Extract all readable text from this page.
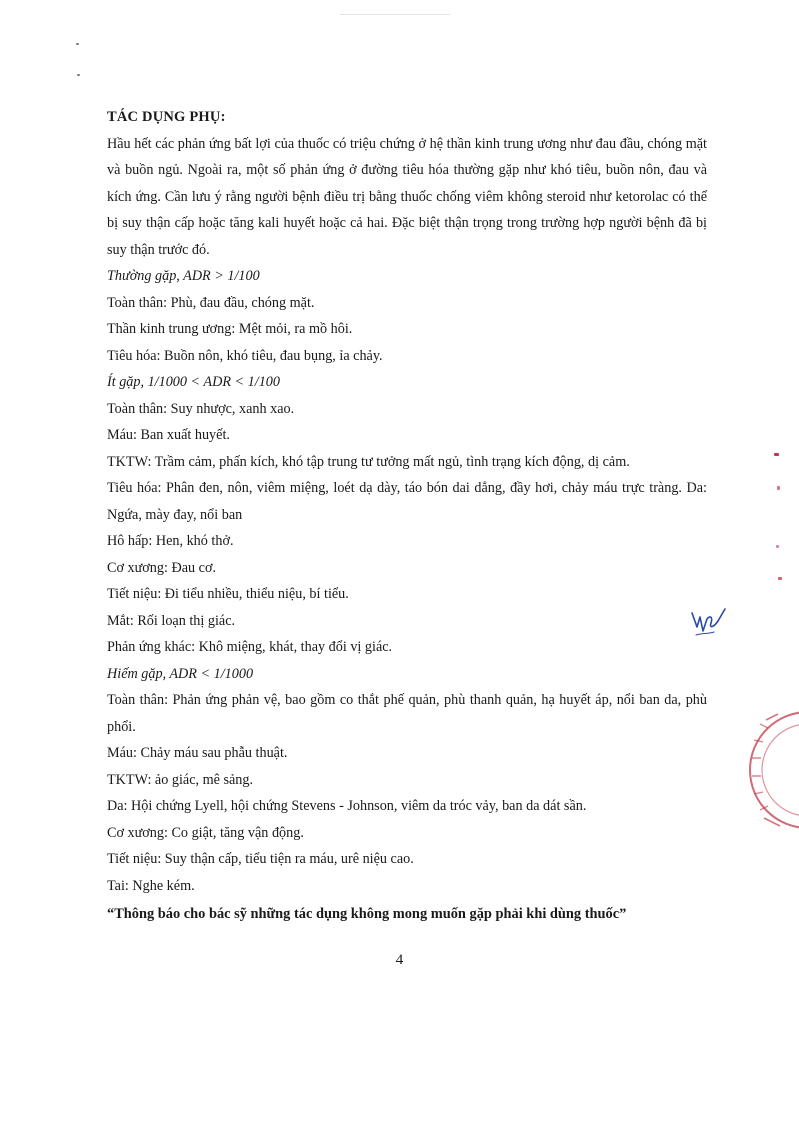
TÁC DỤNG PHỤ:

Hầu hết các phản ứng bất lợi của thuốc có triệu chứng ở hệ thần kinh trung ương như đau đầu, chóng mặt và buồn ngủ. Ngoài ra, một số phản ứng ở đường tiêu hóa thường gặp như khó tiêu, buồn nôn, đau và kích ứng. Cần lưu ý rằng người bệnh điều trị bằng thuốc chống viêm không steroid như ketorolac có thể bị suy thận cấp hoặc tăng kali huyết hoặc cả hai. Đặc biệt thận trọng trong trường hợp người bệnh đã bị suy thận trước đó.

Thường gặp, ADR > 1/100

Toàn thân: Phù, đau đầu, chóng mặt.

Thần kinh trung ương: Mệt mỏi, ra mồ hôi.

Tiêu hóa: Buồn nôn, khó tiêu, đau bụng, ỉa chảy.

Ít gặp, 1/1000 < ADR < 1/100

Toàn thân: Suy nhược, xanh xao.

Máu: Ban xuất huyết.

TKTW: Trầm cảm, phấn kích, khó tập trung tư tưởng mất ngủ, tình trạng kích động, dị cảm.

Tiêu hóa: Phân đen, nôn, viêm miệng, loét dạ dày, táo bón dai dẳng, đầy hơi, chảy máu trực tràng. Da: Ngứa, mày đay, nổi ban

Hô hấp: Hen, khó thở.

Cơ xương: Đau cơ.

Tiết niệu: Đi tiểu nhiều, thiểu niệu, bí tiểu.

Mắt: Rối loạn thị giác.

Phản ứng khác: Khô miệng, khát, thay đổi vị giác.

Hiếm gặp, ADR < 1/1000

Toàn thân: Phản ứng phản vệ, bao gồm co thắt phế quản, phù thanh quản, hạ huyết áp, nổi ban da, phù phổi.

Máu: Chảy máu sau phẫu thuật.

TKTW: ảo giác, mê sảng.

Da: Hội chứng Lyell, hội chứng Stevens - Johnson, viêm da tróc vảy, ban da dát sần.

Cơ xương: Co giật, tăng vận động.

Tiết niệu: Suy thận cấp, tiểu tiện ra máu, urê niệu cao.

Tai: Nghe kém.

“Thông báo cho bác sỹ những tác dụng không mong muốn gặp phải khi dùng thuốc”

4
